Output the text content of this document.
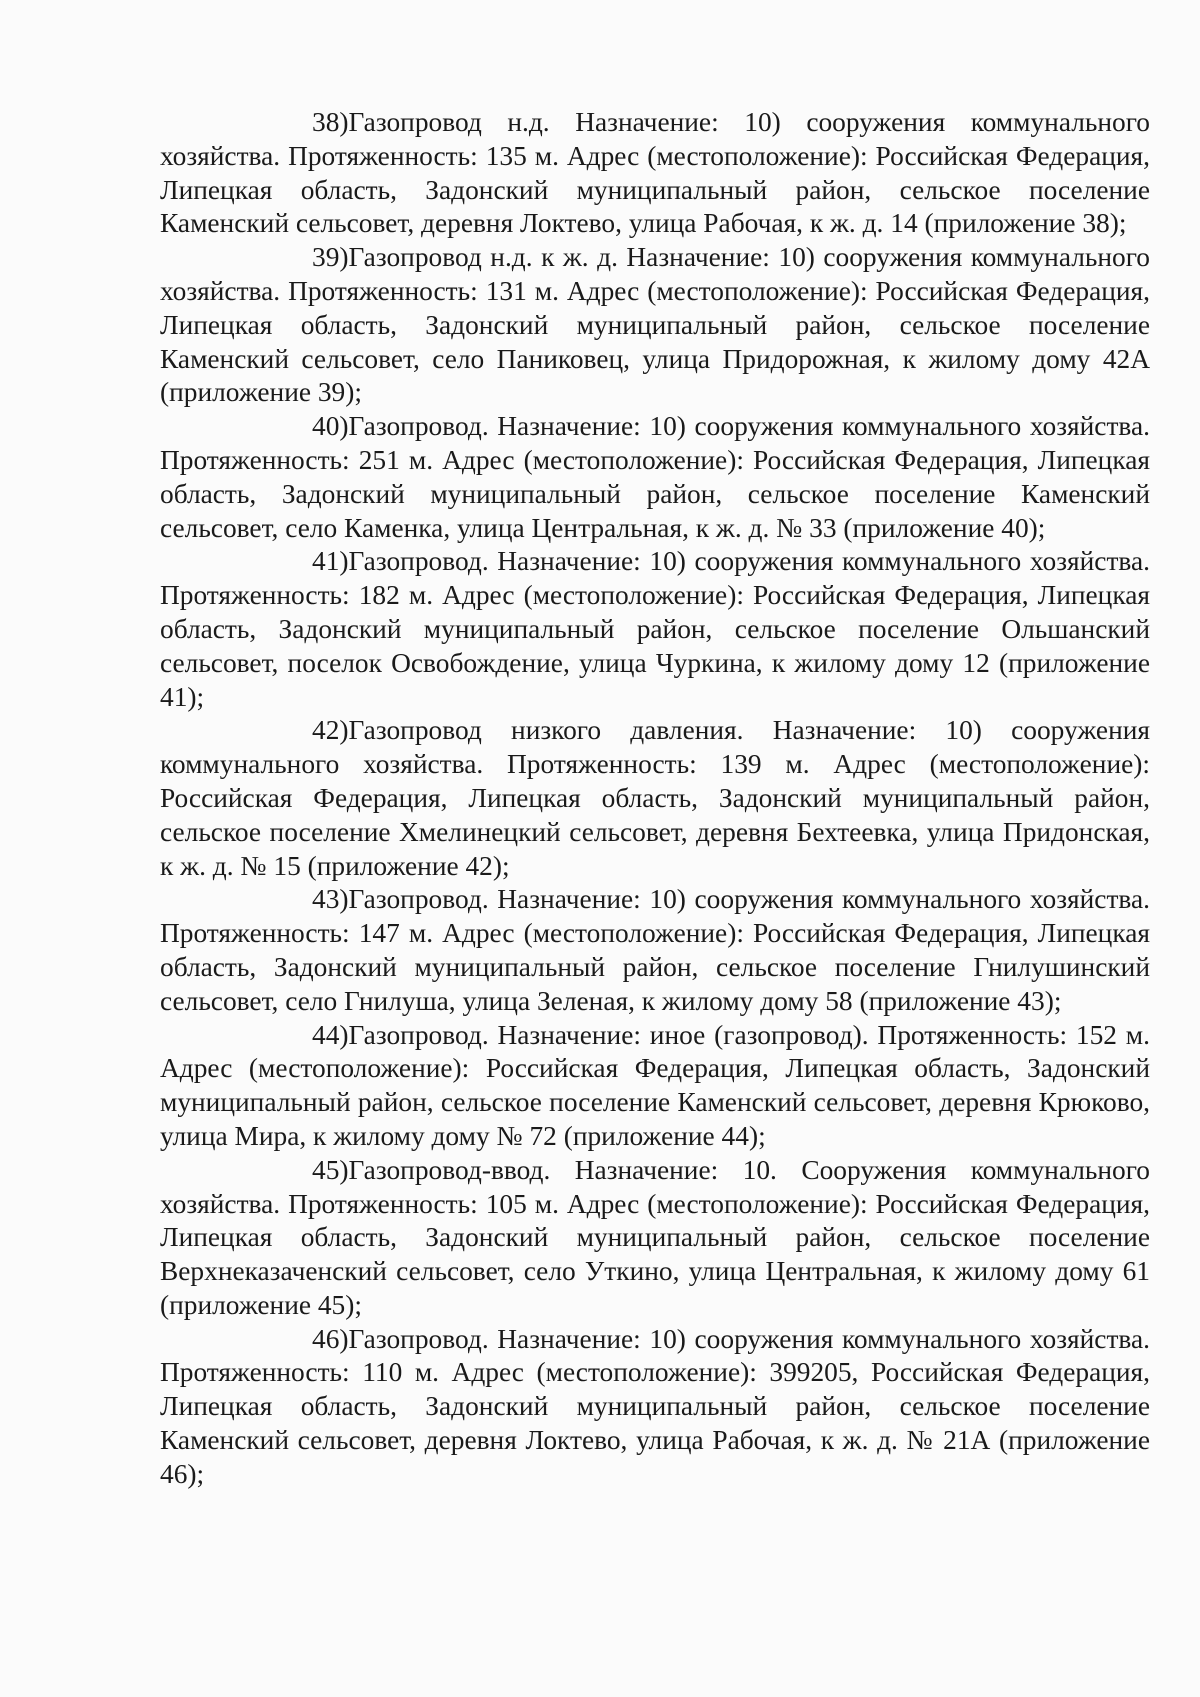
38)Газопровод н.д. Назначение: 10) сооружения коммунального хозяйства. Протяженность: 135 м. Адрес (местоположение): Российская Федерация, Липецкая область, Задонский муниципальный район, сельское поселение Каменский сельсовет, деревня Локтево, улица Рабочая, к ж. д. 14 (приложение 38);

39)Газопровод н.д. к ж. д. Назначение: 10) сооружения коммунального хозяйства. Протяженность: 131 м. Адрес (местоположение): Российская Федерация, Липецкая область, Задонский муниципальный район, сельское поселение Каменский сельсовет, село Паниковец, улица Придорожная, к жилому дому 42А (приложение 39);

40)Газопровод. Назначение: 10) сооружения коммунального хозяйства. Протяженность: 251 м. Адрес (местоположение): Российская Федерация, Липецкая область, Задонский муниципальный район, сельское поселение Каменский сельсовет, село Каменка, улица Центральная, к ж. д. № 33 (приложение 40);

41)Газопровод. Назначение: 10) сооружения коммунального хозяйства. Протяженность: 182 м. Адрес (местоположение): Российская Федерация, Липецкая область, Задонский муниципальный район, сельское поселение Ольшанский сельсовет, поселок Освобождение, улица Чуркина, к жилому дому 12 (приложение 41);

42)Газопровод низкого давления. Назначение: 10) сооружения коммунального хозяйства. Протяженность: 139 м. Адрес (местоположение): Российская Федерация, Липецкая область, Задонский муниципальный район, сельское поселение Хмелинецкий сельсовет, деревня Бехтеевка, улица Придонская, к ж. д. № 15 (приложение 42);

43)Газопровод. Назначение: 10) сооружения коммунального хозяйства. Протяженность: 147 м. Адрес (местоположение): Российская Федерация, Липецкая область, Задонский муниципальный район, сельское поселение Гнилушинский сельсовет, село Гнилуша, улица Зеленая, к жилому дому 58 (приложение 43);

44)Газопровод. Назначение: иное (газопровод). Протяженность: 152 м. Адрес (местоположение): Российская Федерация, Липецкая область, Задонский муниципальный район, сельское поселение Каменский сельсовет, деревня Крюково, улица Мира, к жилому дому № 72 (приложение 44);

45)Газопровод-ввод. Назначение: 10. Сооружения коммунального хозяйства. Протяженность: 105 м. Адрес (местоположение): Российская Федерация, Липецкая область, Задонский муниципальный район, сельское поселение Верхнеказаченский сельсовет, село Уткино, улица Центральная, к жилому дому 61 (приложение 45);

46)Газопровод. Назначение: 10) сооружения коммунального хозяйства. Протяженность: 110 м. Адрес (местоположение): 399205, Российская Федерация, Липецкая область, Задонский муниципальный район, сельское поселение Каменский сельсовет, деревня Локтево, улица Рабочая, к ж. д. № 21А (приложение 46);
